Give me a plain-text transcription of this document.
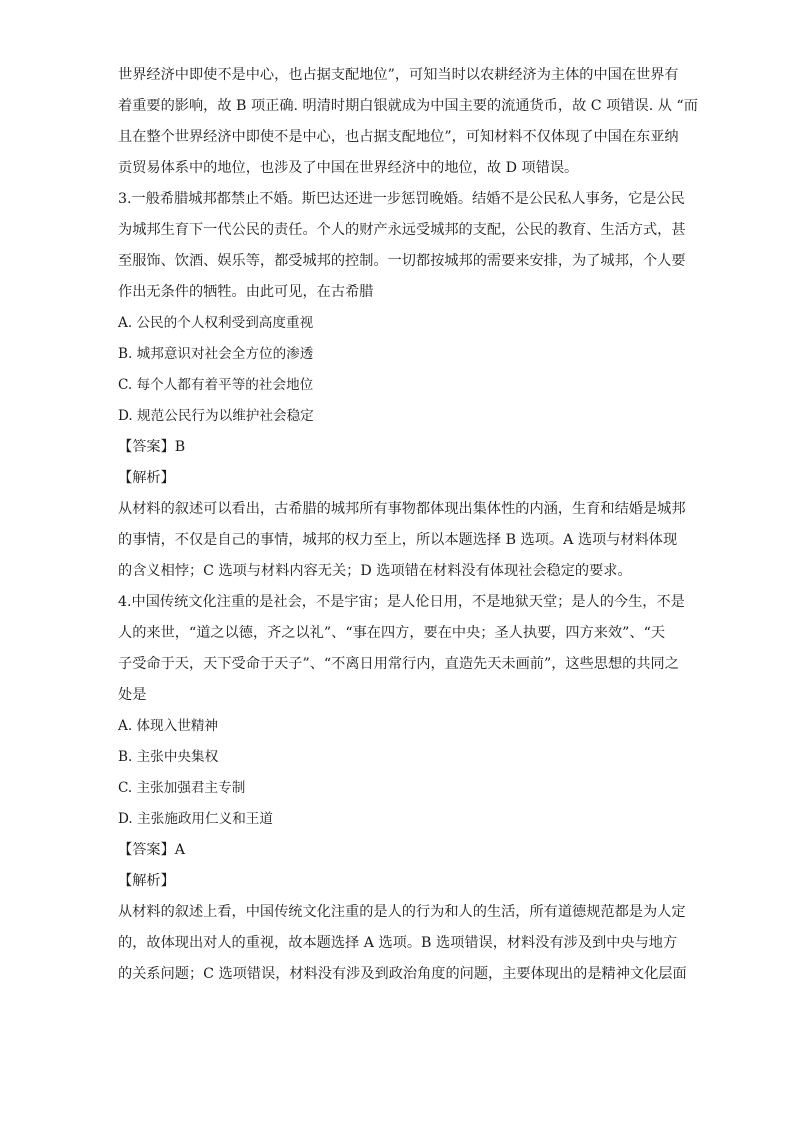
世界经济中即使不是中心，也占据支配地位”，可知当时以农耕经济为主体的中国在世界有
着重要的影响，故 B 项正确. 明清时期白银就成为中国主要的流通货币，故 C 项错误. 从 “而
且在整个世界经济中即使不是中心，也占据支配地位”，可知材料不仅体现了中国在东亚纳
贡贸易体系中的地位，也涉及了中国在世界经济中的地位，故 D 项错误。
3.一般希腊城邦都禁止不婚。斯巴达还进一步惩罚晚婚。结婚不是公民私人事务，它是公民
为城邦生育下一代公民的责任。个人的财产永远受城邦的支配，公民的教育、生活方式，甚
至服饰、饮酒、娱乐等，都受城邦的控制。一切都按城邦的需要来安排，为了城邦，个人要
作出无条件的牺牲。由此可见，在古希腊
A. 公民的个人权利受到高度重视
B. 城邦意识对社会全方位的渗透
C. 每个人都有着平等的社会地位
D. 规范公民行为以维护社会稳定
【答案】B
【解析】
从材料的叙述可以看出，古希腊的城邦所有事物都体现出集体性的内涵，生育和结婚是城邦
的事情，不仅是自己的事情，城邦的权力至上，所以本题选择 B 选项。A 选项与材料体现
的含义相悖；C 选项与材料内容无关；D 选项错在材料没有体现社会稳定的要求。
4.中国传统文化注重的是社会，不是宇宙；是人伦日用，不是地狱天堂；是人的今生，不是
人的来世，“道之以德，齐之以礼”、“事在四方，要在中央；圣人执要，四方来效”、“天
子受命于天，天下受命于天子”、“不离日用常行内，直造先天未画前”，这些思想的共同之
处是
A. 体现入世精神
B. 主张中央集权
C. 主张加强君主专制
D. 主张施政用仁义和王道
【答案】A
【解析】
从材料的叙述上看，中国传统文化注重的是人的行为和人的生活，所有道德规范都是为人定
的，故体现出对人的重视，故本题选择 A 选项。B 选项错误，材料没有涉及到中央与地方
的关系问题；C 选项错误，材料没有涉及到政治角度的问题，主要体现出的是精神文化层面
